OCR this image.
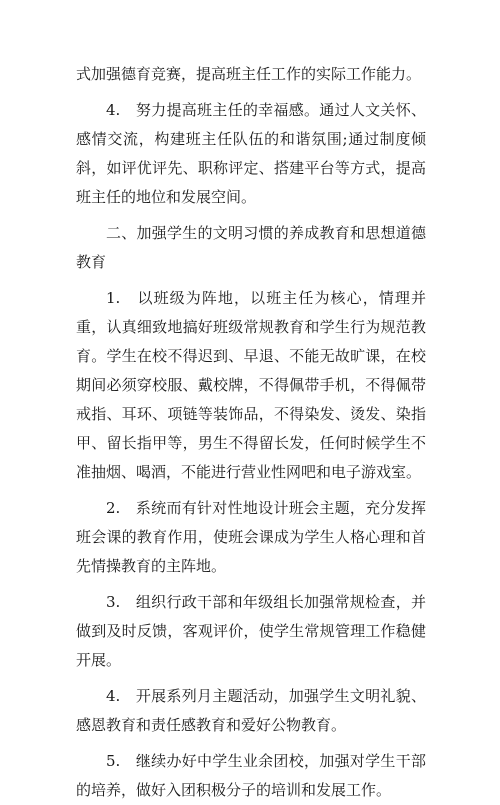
式加强德育竞赛，提高班主任工作的实际工作能力。

4.　努力提高班主任的幸福感。通过人文关怀、感情交流，构建班主任队伍的和谐氛围;通过制度倾斜，如评优评先、职称评定、搭建平台等方式，提高班主任的地位和发展空间。

二、加强学生的文明习惯的养成教育和思想道德教育

1.　以班级为阵地，以班主任为核心，情理并重，认真细致地搞好班级常规教育和学生行为规范教育。学生在校不得迟到、早退、不能无故旷课，在校期间必须穿校服、戴校牌，不得佩带手机，不得佩带戒指、耳环、项链等装饰品，不得染发、烫发、染指甲、留长指甲等，男生不得留长发，任何时候学生不准抽烟、喝酒，不能进行营业性网吧和电子游戏室。

2.　系统而有针对性地设计班会主题，充分发挥班会课的教育作用，使班会课成为学生人格心理和首先情操教育的主阵地。

3.　组织行政干部和年级组长加强常规检查，并做到及时反馈，客观评价，使学生常规管理工作稳健开展。

4.　开展系列月主题活动，加强学生文明礼貌、感恩教育和责任感教育和爱好公物教育。

5.　继续办好中学生业余团校，加强对学生干部的培养，做好入团积极分子的培训和发展工作。
